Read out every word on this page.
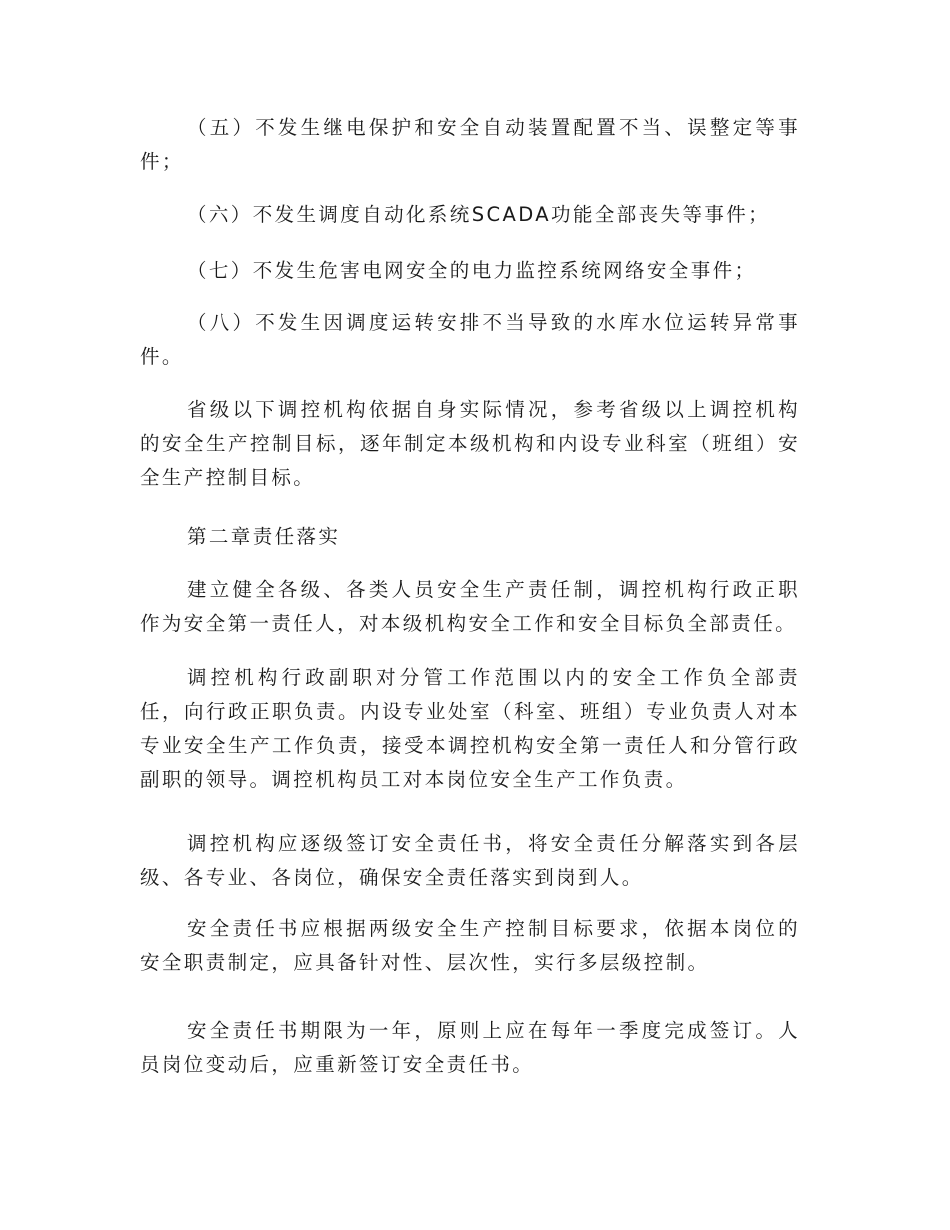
（五）不发生继电保护和安全自动装置配置不当、误整定等事件；

（六）不发生调度自动化系统SCADA功能全部丧失等事件；

（七）不发生危害电网安全的电力监控系统网络安全事件；

（八）不发生因调度运转安排不当导致的水库水位运转异常事件。

省级以下调控机构依据自身实际情况，参考省级以上调控机构的安全生产控制目标，逐年制定本级机构和内设专业科室（班组）安全生产控制目标。

第二章责任落实

建立健全各级、各类人员安全生产责任制，调控机构行政正职作为安全第一责任人，对本级机构安全工作和安全目标负全部责任。

调控机构行政副职对分管工作范围以内的安全工作负全部责任，向行政正职负责。内设专业处室（科室、班组）专业负责人对本专业安全生产工作负责，接受本调控机构安全第一责任人和分管行政副职的领导。调控机构员工对本岗位安全生产工作负责。

调控机构应逐级签订安全责任书，将安全责任分解落实到各层级、各专业、各岗位，确保安全责任落实到岗到人。

安全责任书应根据两级安全生产控制目标要求，依据本岗位的安全职责制定，应具备针对性、层次性，实行多层级控制。

安全责任书期限为一年，原则上应在每年一季度完成签订。人员岗位变动后，应重新签订安全责任书。
